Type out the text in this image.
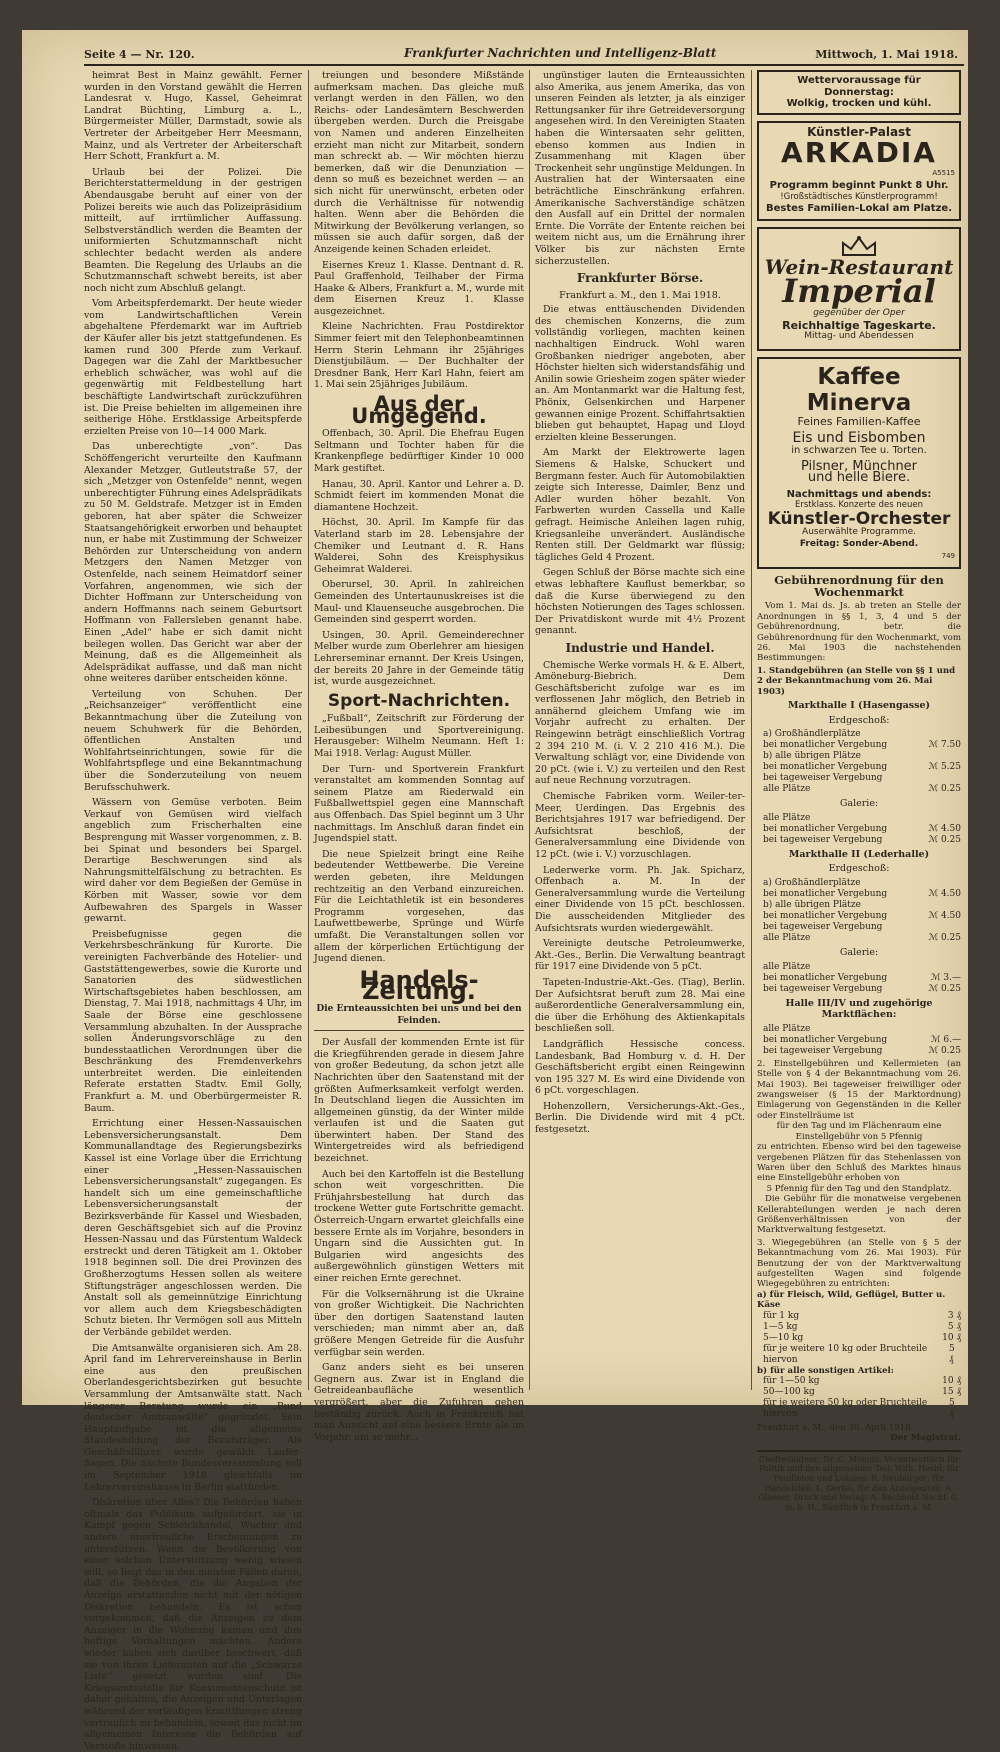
Seite 4 — Nr. 120.	Frankfurter Nachrichten und Intelligenz-Blatt	Mittwoch, 1. Mai 1918.

heimrat Best in Mainz gewählt. Ferner wurden in den Vorstand gewählt die Herren Landesrat v. Hugo, Kassel, Geheimrat Landrat Büchting, Limburg a. L., Bürgermeister Müller, Darmstadt, sowie als Vertreter der Arbeitgeber Herr Meesmann, Mainz, und als Vertreter der Arbeiterschaft Herr Schott, Frankfurt a. M.

Urlaub bei der Polizei. Die Berichterstattermeldung in der gestrigen Abendausgabe beruht auf einer von der Polizei bereits wie auch das Polizeipräsidium mitteilt, auf irrtümlicher Auffassung. Selbstverständlich werden die Beamten der uniformierten Schutzmannschaft nicht schlechter bedacht werden als andere Beamten. Die Regelung des Urlaubs an die Schutzmannschaft schwebt bereits, ist aber noch nicht zum Abschluß gelangt.

Vom Arbeitspferdemarkt. Der heute wieder vom Landwirtschaftlichen Verein abgehaltene Pferdemarkt war im Auftrieb der Käufer aller bis jetzt stattgefundenen. Es kamen rund 300 Pferde zum Verkauf. Dagegen war die Zahl der Marktbesucher erheblich schwächer, was wohl auf die gegenwärtig mit Feldbestellung hart beschäftigte Landwirtschaft zurückzuführen ist. Die Preise behielten im allgemeinen ihre seitherige Höhe. Erstklassige Arbeitspferde erzielten Preise von 10—14 000 Mark.

Das unberechtigte „von“. Das Schöffengericht verurteilte den Kaufmann Alexander Metzger, Gutleutstraße 57, der sich „Metzger von Ostenfelde“ nennt, wegen unberechtigter Führung eines Adelsprädikats zu 50 M. Geldstrafe. Metzger ist in Emden geboren, hat aber später die Schweizer Staatsangehörigkeit erworben und behauptet nun, er habe mit Zustimmung der Schweizer Behörden zur Unterscheidung von andern Metzgers den Namen Metzger von Ostenfelde, nach seinem Heimatdorf seiner Vorfahren, angenommen, wie sich der Dichter Hoffmann zur Unterscheidung von andern Hoffmanns nach seinem Geburtsort Hoffmann von Fallersleben genannt habe. Einen „Adel“ habe er sich damit nicht beilegen wollen. Das Gericht war aber der Meinung, daß es die Allgemeinheit als Adelsprädikat auffasse, und daß man nicht ohne weiteres darüber entscheiden könne.

Verteilung von Schuhen. Der „Reichsanzeiger“ veröffentlicht eine Bekanntmachung über die Zuteilung von neuem Schuhwerk für die Behörden, öffentlichen Anstalten und Wohlfahrtseinrichtungen, sowie für die Wohlfahrtspflege und eine Bekanntmachung über die Sonderzuteilung von neuem Berufsschuhwerk.

Wässern von Gemüse verboten. Beim Verkauf von Gemüsen wird vielfach angeblich zum Frischerhalten eine Besprengung mit Wasser vorgenommen, z. B. bei Spinat und besonders bei Spargel. Derartige Beschwerungen sind als Nahrungsmittelfälschung zu betrachten. Es wird daher vor dem Begießen der Gemüse in Körben mit Wasser, sowie vor dem Aufbewahren des Spargels in Wasser gewarnt.

Preisbefugnisse gegen die Verkehrsbeschränkung für Kurorte. Die vereinigten Fachverbände des Hotelier- und Gaststättengewerbes, sowie die Kurorte und Sanatorien des südwestlichen Wirtschaftsgebietes haben beschlossen, am Dienstag, 7. Mai 1918, nachmittags 4 Uhr, im Saale der Börse eine geschlossene Versammlung abzuhalten. In der Aussprache sollen Änderungsvorschläge zu den bundesstaatlichen Verordnungen über die Beschränkung des Fremdenverkehrs unterbreitet werden. Die einleitenden Referate erstatten Stadtv. Emil Golly, Frankfurt a. M. und Oberbürgermeister R. Baum.

Errichtung einer Hessen-Nassauischen Lebensversicherungsanstalt. Dem Kommunallandtage des Regierungsbezirks Kassel ist eine Vorlage über die Errichtung einer „Hessen-Nassauischen Lebensversicherungsanstalt“ zugegangen. Es handelt sich um eine gemeinschaftliche Lebensversicherungsanstalt der Bezirksverbände für Kassel und Wiesbaden, deren Geschäftsgebiet sich auf die Provinz Hessen-Nassau und das Fürstentum Waldeck erstreckt und deren Tätigkeit am 1. Oktober 1918 beginnen soll. Die drei Provinzen des Großherzogtums Hessen sollen als weitere Stiftungsträger angeschlossen werden. Die Anstalt soll als gemeinnützige Einrichtung vor allem auch dem Kriegsbeschädigten Schutz bieten. Ihr Vermögen soll aus Mitteln der Verbände gebildet werden.

Die Amtsanwälte organisieren sich. Am 28. April fand im Lehrervereinshause in Berlin eine aus den preußischen Oberlandesgerichtsbezirken gut besuchte Versammlung der Amtsanwälte statt. Nach längerer Beratung wurde ein „Bund deutscher Amtsanwälte“ gegründet. Sein Hauptaufgabe ist die allgemeine Standesbildung der Berufsträger. Als Geschäftsführer wurde gewählt Laufer-Sagan. Die nächste Bundesversammlung soll im September 1918 gleichfalls im Lehrervereinshause in Berlin stattfinden.

Diskretion über Alles? Die Behörden haben oftmals das Publikum aufgefordert, sie in Kampf gegen Schleichhandel, Wucher und andere unerfreuliche Erscheinungen zu unterstützen. Wenn die Bevölkerung von einer solchen Unterstützung wenig wissen will, so liegt das in den meisten Fällen daran, daß die Behörden, die die Angaben der Anzeige erstattenden nicht mit der nötigen Diskretion behandeln. Es ist schon vorgekommen, daß die Anzeigen zu dem Anzeiger in die Wohnung kamen und ihm heftige Vorhaltungen machten. Andere wieder haben sich darüber beschwert, daß sie von ihren Lieferanten auf die „Schwarze Liste“ gesetzt worden sind. Die Kriegsamtsstelle für Konsumentenschutz ist daher gehalten, die Anzeigen und Unterlagen während der vorläufigen Ermittlungen streng vertraulich zu behandeln, soweit das nicht im allgemeinen Interesse die Behörden auf Verstöße hinweisen.

treiungen und besondere Mißstände aufmerksam machen. Das gleiche muß verlangt werden in den Fällen, wo den Reichs- oder Landesämtern Beschwerden übergeben werden. Durch die Preisgabe von Namen und anderen Einzelheiten erzieht man nicht zur Mitarbeit, sondern man schreckt ab. — Wir möchten hierzu bemerken, daß wir die Denunziation — denn so muß es bezeichnet werden — an sich nicht für unerwünscht, erbeten oder durch die Verhältnisse für notwendig halten. Wenn aber die Behörden die Mitwirkung der Bevölkerung verlangen, so müssen sie auch dafür sorgen, daß der Anzeigende keinen Schaden erleidet.

Eisernes Kreuz 1. Klasse. Dentnant d. R. Paul Graffenhold, Teilhaber der Firma Haake & Albers, Frankfurt a. M., wurde mit dem Eisernen Kreuz 1. Klasse ausgezeichnet.

Kleine Nachrichten. Frau Postdirektor Simmer feiert mit den Telephonbeamtinnen Herrn Sterin Lehmann ihr 25jähriges Dienstjubiläum. — Der Buchhalter der Dresdner Bank, Herr Karl Hahn, feiert am 1. Mai sein 25jähriges Jubiläum.

Aus der Umgegend.

Offenbach, 30. April. Die Ehefrau Eugen Seltmann und Tochter haben für die Krankenpflege bedürftiger Kinder 10 000 Mark gestiftet.

Hanau, 30. April. Kantor und Lehrer a. D. Schmidt feiert im kommenden Monat die diamantene Hochzeit.

Höchst, 30. April. Im Kampfe für das Vaterland starb im 28. Lebensjahre der Chemiker und Leutnant d. R. Hans Walderei, Sohn des Kreisphysikus Geheimrat Walderei.

Oberursel, 30. April. In zahlreichen Gemeinden des Untertaunuskreises ist die Maul- und Klauenseuche ausgebrochen. Die Gemeinden sind gesperrt worden.

Usingen, 30. April. Gemeinderechner Melber wurde zum Oberlehrer am hiesigen Lehrerseminar ernannt. Der Kreis Usingen, der bereits 20 Jahre in der Gemeinde tätig ist, wurde ausgezeichnet.

Sport-Nachrichten.

„Fußball“, Zeitschrift zur Förderung der Leibesübungen und Sportvereinigung. Herausgeber: Wilhelm Neumann. Heft 1: Mai 1918. Verlag: August Müller.

Der Turn- und Sportverein Frankfurt veranstaltet am kommenden Sonntag auf seinem Platze am Riederwald ein Fußballwettspiel gegen eine Mannschaft aus Offenbach. Das Spiel beginnt um 3 Uhr nachmittags. Im Anschluß daran findet ein Jugendspiel statt.

Die neue Spielzeit bringt eine Reihe bedeutender Wettbewerbe. Die Vereine werden gebeten, ihre Meldungen rechtzeitig an den Verband einzureichen. Für die Leichtathletik ist ein besonderes Programm vorgesehen, das Laufwettbewerbe, Sprünge und Würfe umfaßt. Die Veranstaltungen sollen vor allem der körperlichen Ertüchtigung der Jugend dienen.

Handels-Zeitung.
Die Ernteaussichten bei uns und bei den Feinden.

Der Ausfall der kommenden Ernte ist für die Kriegführenden gerade in diesem Jahre von großer Bedeutung, da schon jetzt alle Nachrichten über den Saatenstand mit der größten Aufmerksamkeit verfolgt werden. In Deutschland liegen die Aussichten im allgemeinen günstig, da der Winter milde verlaufen ist und die Saaten gut überwintert haben. Der Stand des Wintergetreides wird als befriedigend bezeichnet.

Auch bei den Kartoffeln ist die Bestellung schon weit vorgeschritten. Die Frühjahrsbestellung hat durch das trockene Wetter gute Fortschritte gemacht. Österreich-Ungarn erwartet gleichfalls eine bessere Ernte als im Vorjahre, besonders in Ungarn sind die Aussichten gut. In Bulgarien wird angesichts des außergewöhnlich günstigen Wetters mit einer reichen Ernte gerechnet.

Für die Volksernährung ist die Ukraine von großer Wichtigkeit. Die Nachrichten über den dortigen Saatenstand lauten verschieden; man nimmt aber an, daß größere Mengen Getreide für die Ausfuhr verfügbar sein werden.

Ganz anders sieht es bei unseren Gegnern aus. Zwar ist in England die Getreideanbaufläche wesentlich vergrößert, aber die Zufuhren gehen beständig zurück. Auch in Frankreich hat man Aussicht auf eine bessere Ernte als im Vorjahr, um so mehr...

ungünstiger lauten die Ernteaussichten also Amerika, aus jenem Amerika, das von unseren Feinden als letzter, ja als einziger Rettungsanker für ihre Getreideversorgung angesehen wird. In den Vereinigten Staaten haben die Wintersaaten sehr gelitten, ebenso kommen aus Indien in Zusammenhang mit Klagen über Trockenheit sehr ungünstige Meldungen. In Australien hat der Wintersaaten eine beträchtliche Einschränkung erfahren. Amerikanische Sachverständige schätzen den Ausfall auf ein Drittel der normalen Ernte. Die Vorräte der Entente reichen bei weitem nicht aus, um die Ernährung ihrer Völker bis zur nächsten Ernte sicherzustellen.

Frankfurter Börse.
Frankfurt a. M., den 1. Mai 1918.

Die etwas enttäuschenden Dividenden des chemischen Konzerns, die zum vollständig vorliegen, machten keinen nachhaltigen Eindruck. Wohl waren Großbanken niedriger angeboten, aber Höchster hielten sich widerstandsfähig und Anilin sowie Griesheim zogen später wieder an. Am Montanmarkt war die Haltung fest, Phönix, Gelsenkirchen und Harpener gewannen einige Prozent. Schiffahrtsaktien blieben gut behauptet, Hapag und Lloyd erzielten kleine Besserungen.

Am Markt der Elektrowerte lagen Siemens & Halske, Schuckert und Bergmann fester. Auch für Automobilaktien zeigte sich Interesse, Daimler, Benz und Adler wurden höher bezahlt. Von Farbwerten wurden Cassella und Kalle gefragt. Heimische Anleihen lagen ruhig, Kriegsanleihe unverändert. Ausländische Renten still. Der Geldmarkt war flüssig; tägliches Geld 4 Prozent.

Gegen Schluß der Börse machte sich eine etwas lebhaftere Kauflust bemerkbar, so daß die Kurse überwiegend zu den höchsten Notierungen des Tages schlossen. Der Privatdiskont wurde mit 4½ Prozent genannt.

Industrie und Handel.

Chemische Werke vormals H. & E. Albert, Amöneburg-Biebrich. Dem Geschäftsbericht zufolge war es im verflossenen Jahr möglich, den Betrieb in annähernd gleichem Umfang wie im Vorjahr aufrecht zu erhalten. Der Reingewinn beträgt einschließlich Vortrag 2 394 210 M. (i. V. 2 210 416 M.). Die Verwaltung schlägt vor, eine Dividende von 20 pCt. (wie i. V.) zu verteilen und den Rest auf neue Rechnung vorzutragen.

Chemische Fabriken vorm. Weiler-ter-Meer, Uerdingen. Das Ergebnis des Berichtsjahres 1917 war befriedigend. Der Aufsichtsrat beschloß, der Generalversammlung eine Dividende von 12 pCt. (wie i. V.) vorzuschlagen.

Lederwerke vorm. Ph. Jak. Spicharz, Offenbach a. M. In der Generalversammlung wurde die Verteilung einer Dividende von 15 pCt. beschlossen. Die ausscheidenden Mitglieder des Aufsichtsrats wurden wiedergewählt.

Vereinigte deutsche Petroleumwerke, Akt.-Ges., Berlin. Die Verwaltung beantragt für 1917 eine Dividende von 5 pCt.

Tapeten-Industrie-Akt.-Ges. (Tiag), Berlin. Der Aufsichtsrat beruft zum 28. Mai eine außerordentliche Generalversammlung ein, die über die Erhöhung des Aktienkapitals beschließen soll.

Landgräflich Hessische concess. Landesbank, Bad Homburg v. d. H. Der Geschäftsbericht ergibt einen Reingewinn von 195 327 M. Es wird eine Dividende von 6 pCt. vorgeschlagen.

Hohenzollern, Versicherungs-Akt.-Ges., Berlin. Die Dividende wird mit 4 pCt. festgesetzt.

Wettervoraussage für Donnerstag:
Wolkig, trocken und kühl.
Künstler-Palast
ARKADIA
A5515
Programm beginnt Punkt 8 Uhr.
!Großstädtisches Künstlerprogramm!
Bestes Familien-Lokal am Platze.
Wein-Restaurant
Imperial
gegenüber der Oper
Reichhaltige Tageskarte.
Mittag- und Abendessen
Kaffee Minerva
Feines Familien-Kaffee
Eis und Eisbomben
in schwarzen Tee u. Torten.
Pilsner, Münchner
und helle Biere.
Nachmittags und abends:
Erstklass. Konzerte des neuen
Künstler-Orchester
Auserwählte Programme.
Freitag: Sonder-Abend.
749
Gebührenordnung für den Wochenmarkt
Vom 1. Mai ds. Js. ab treten an Stelle der Anordnungen in §§ 1, 3, 4 und 5 der Gebührenordnung, betr. die Gebührenordnung für den Wochenmarkt, vom 26. Mai 1903 die nachstehenden Bestimmungen:
1. Standgebühren (an Stelle von §§ 1 und 2 der Bekanntmachung vom 26. Mai 1903)
Markthalle I (Hasengasse)
Erdgeschoß:
a) Großhändlerplätze
bei monatlicher Vergebung	ℳ 7.50
b) alle übrigen Plätze
bei monatlicher Vergebung	ℳ 5.25
bei tageweiser Vergebung
alle Plätze	ℳ 0.25
Galerie:
alle Plätze
bei monatlicher Vergebung	ℳ 4.50
bei tageweiser Vergebung	ℳ 0.25
Markthalle II (Lederhalle)
Erdgeschoß:
a) Großhändlerplätze
bei monatlicher Vergebung	ℳ 4.50
b) alle übrigen Plätze
bei monatlicher Vergebung	ℳ 4.50
bei tageweiser Vergebung
alle Plätze	ℳ 0.25
Galerie:
alle Plätze
bei monatlicher Vergebung	ℳ 3.—
bei tageweiser Vergebung	ℳ 0.25
Halle III/IV und zugehörige Marktflächen:
alle Plätze
bei monatlicher Vergebung	ℳ 6.—
bei tageweiser Vergebung	ℳ 0.25
2. Einstellgebühren und Kellermieten (an Stelle von § 4 der Bekanntmachung vom 26. Mai 1903). Bei tageweiser freiwilliger oder zwangsweiser (§ 15 der Marktordnung) Einlagerung von Gegenständen in die Keller oder Einstellräume ist
für den Tag und im Flächenraum eine Einstellgebühr von 5 Pfennig
zu entrichten. Ebenso wird bei den tageweise vergebenen Plätzen für das Stehenlassen von Waren über den Schluß des Marktes hinaus eine Einstellgebühr erhoben von
5 Pfennig für den Tag und den Standplatz.
Die Gebühr für die monatweise vergebenen Kellerabteilungen werden je nach deren Größenverhältnissen von der Marktverwaltung festgesetzt.
3. Wiegegebühren (an Stelle von § 5 der Bekanntmachung vom 26. Mai 1903). Für Benutzung der von der Marktverwaltung aufgestellten Wagen sind folgende Wiegegebühren zu entrichten:
a) für Fleisch, Wild, Geflügel, Butter u. Käse
für 1 kg	3 ₰
1—5 kg	5 ₰
5—10 kg	10 ₰
für je weitere 10 kg oder Bruchteile hiervon
5 ₰
b) für alle sonstigen Artikel:
für 1—50 kg	10 ₰
50—100 kg	15 ₰
für je weitere 50 kg oder Bruchteile hiervon
5 ₰
Frankfurt a. M., den 30. April 1918.
Der Magistrat.
Chefredakteur: Dr. C. Mönold. Verantwortlich für Politik und den allgemeinen Teil: Wilh. Hesbl; für Feuilleton und Lokales: R. Neubürger; für Handelsteil: L. Oertel; für den Anzeigenteil: A. Glaeser. Druck und Verlag: A. Bechhold Nachf. G. m. b. H., Sämtlich in Frankfurt a. M.
